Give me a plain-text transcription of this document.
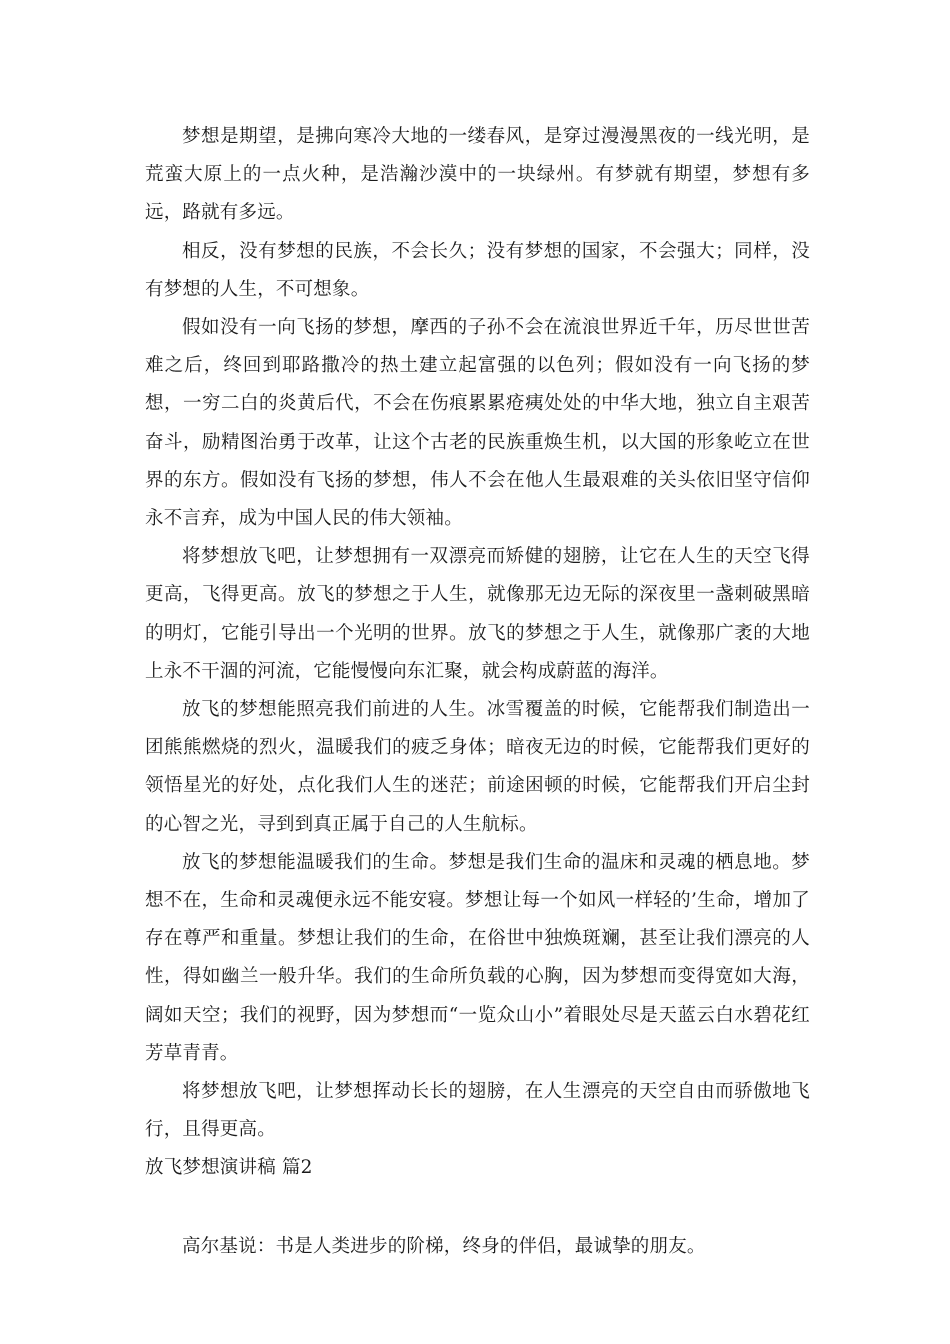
梦想是期望，是拂向寒冷大地的一缕春风，是穿过漫漫黑夜的一线光明，是荒蛮大原上的一点火种，是浩瀚沙漠中的一块绿州。有梦就有期望，梦想有多远，路就有多远。

相反，没有梦想的民族，不会长久；没有梦想的国家，不会强大；同样，没有梦想的人生，不可想象。

假如没有一向飞扬的梦想，摩西的子孙不会在流浪世界近千年，历尽世世苦难之后，终回到耶路撒冷的热土建立起富强的以色列；假如没有一向飞扬的梦想，一穷二白的炎黄后代，不会在伤痕累累疮痍处处的中华大地，独立自主艰苦奋斗，励精图治勇于改革，让这个古老的民族重焕生机，以大国的形象屹立在世界的东方。假如没有飞扬的梦想，伟人不会在他人生最艰难的关头依旧坚守信仰永不言弃，成为中国人民的伟大领袖。

将梦想放飞吧，让梦想拥有一双漂亮而矫健的翅膀，让它在人生的天空飞得更高，飞得更高。放飞的梦想之于人生，就像那无边无际的深夜里一盏刺破黑暗的明灯，它能引导出一个光明的世界。放飞的梦想之于人生，就像那广袤的大地上永不干涸的河流，它能慢慢向东汇聚，就会构成蔚蓝的海洋。

放飞的梦想能照亮我们前进的人生。冰雪覆盖的时候，它能帮我们制造出一团熊熊燃烧的烈火，温暖我们的疲乏身体；暗夜无边的时候，它能帮我们更好的领悟星光的好处，点化我们人生的迷茫；前途困顿的时候，它能帮我们开启尘封的心智之光，寻到到真正属于自己的人生航标。

放飞的梦想能温暖我们的生命。梦想是我们生命的温床和灵魂的栖息地。梦想不在，生命和灵魂便永远不能安寝。梦想让每一个如风一样轻的’生命，增加了存在尊严和重量。梦想让我们的生命，在俗世中独焕斑斓，甚至让我们漂亮的人性，得如幽兰一般升华。我们的生命所负载的心胸，因为梦想而变得宽如大海，阔如天空；我们的视野，因为梦想而“一览众山小”着眼处尽是天蓝云白水碧花红芳草青青。

将梦想放飞吧，让梦想挥动长长的翅膀，在人生漂亮的天空自由而骄傲地飞行，且得更高。

放飞梦想演讲稿 篇2

高尔基说：书是人类进步的阶梯，终身的伴侣，最诚挚的朋友。
